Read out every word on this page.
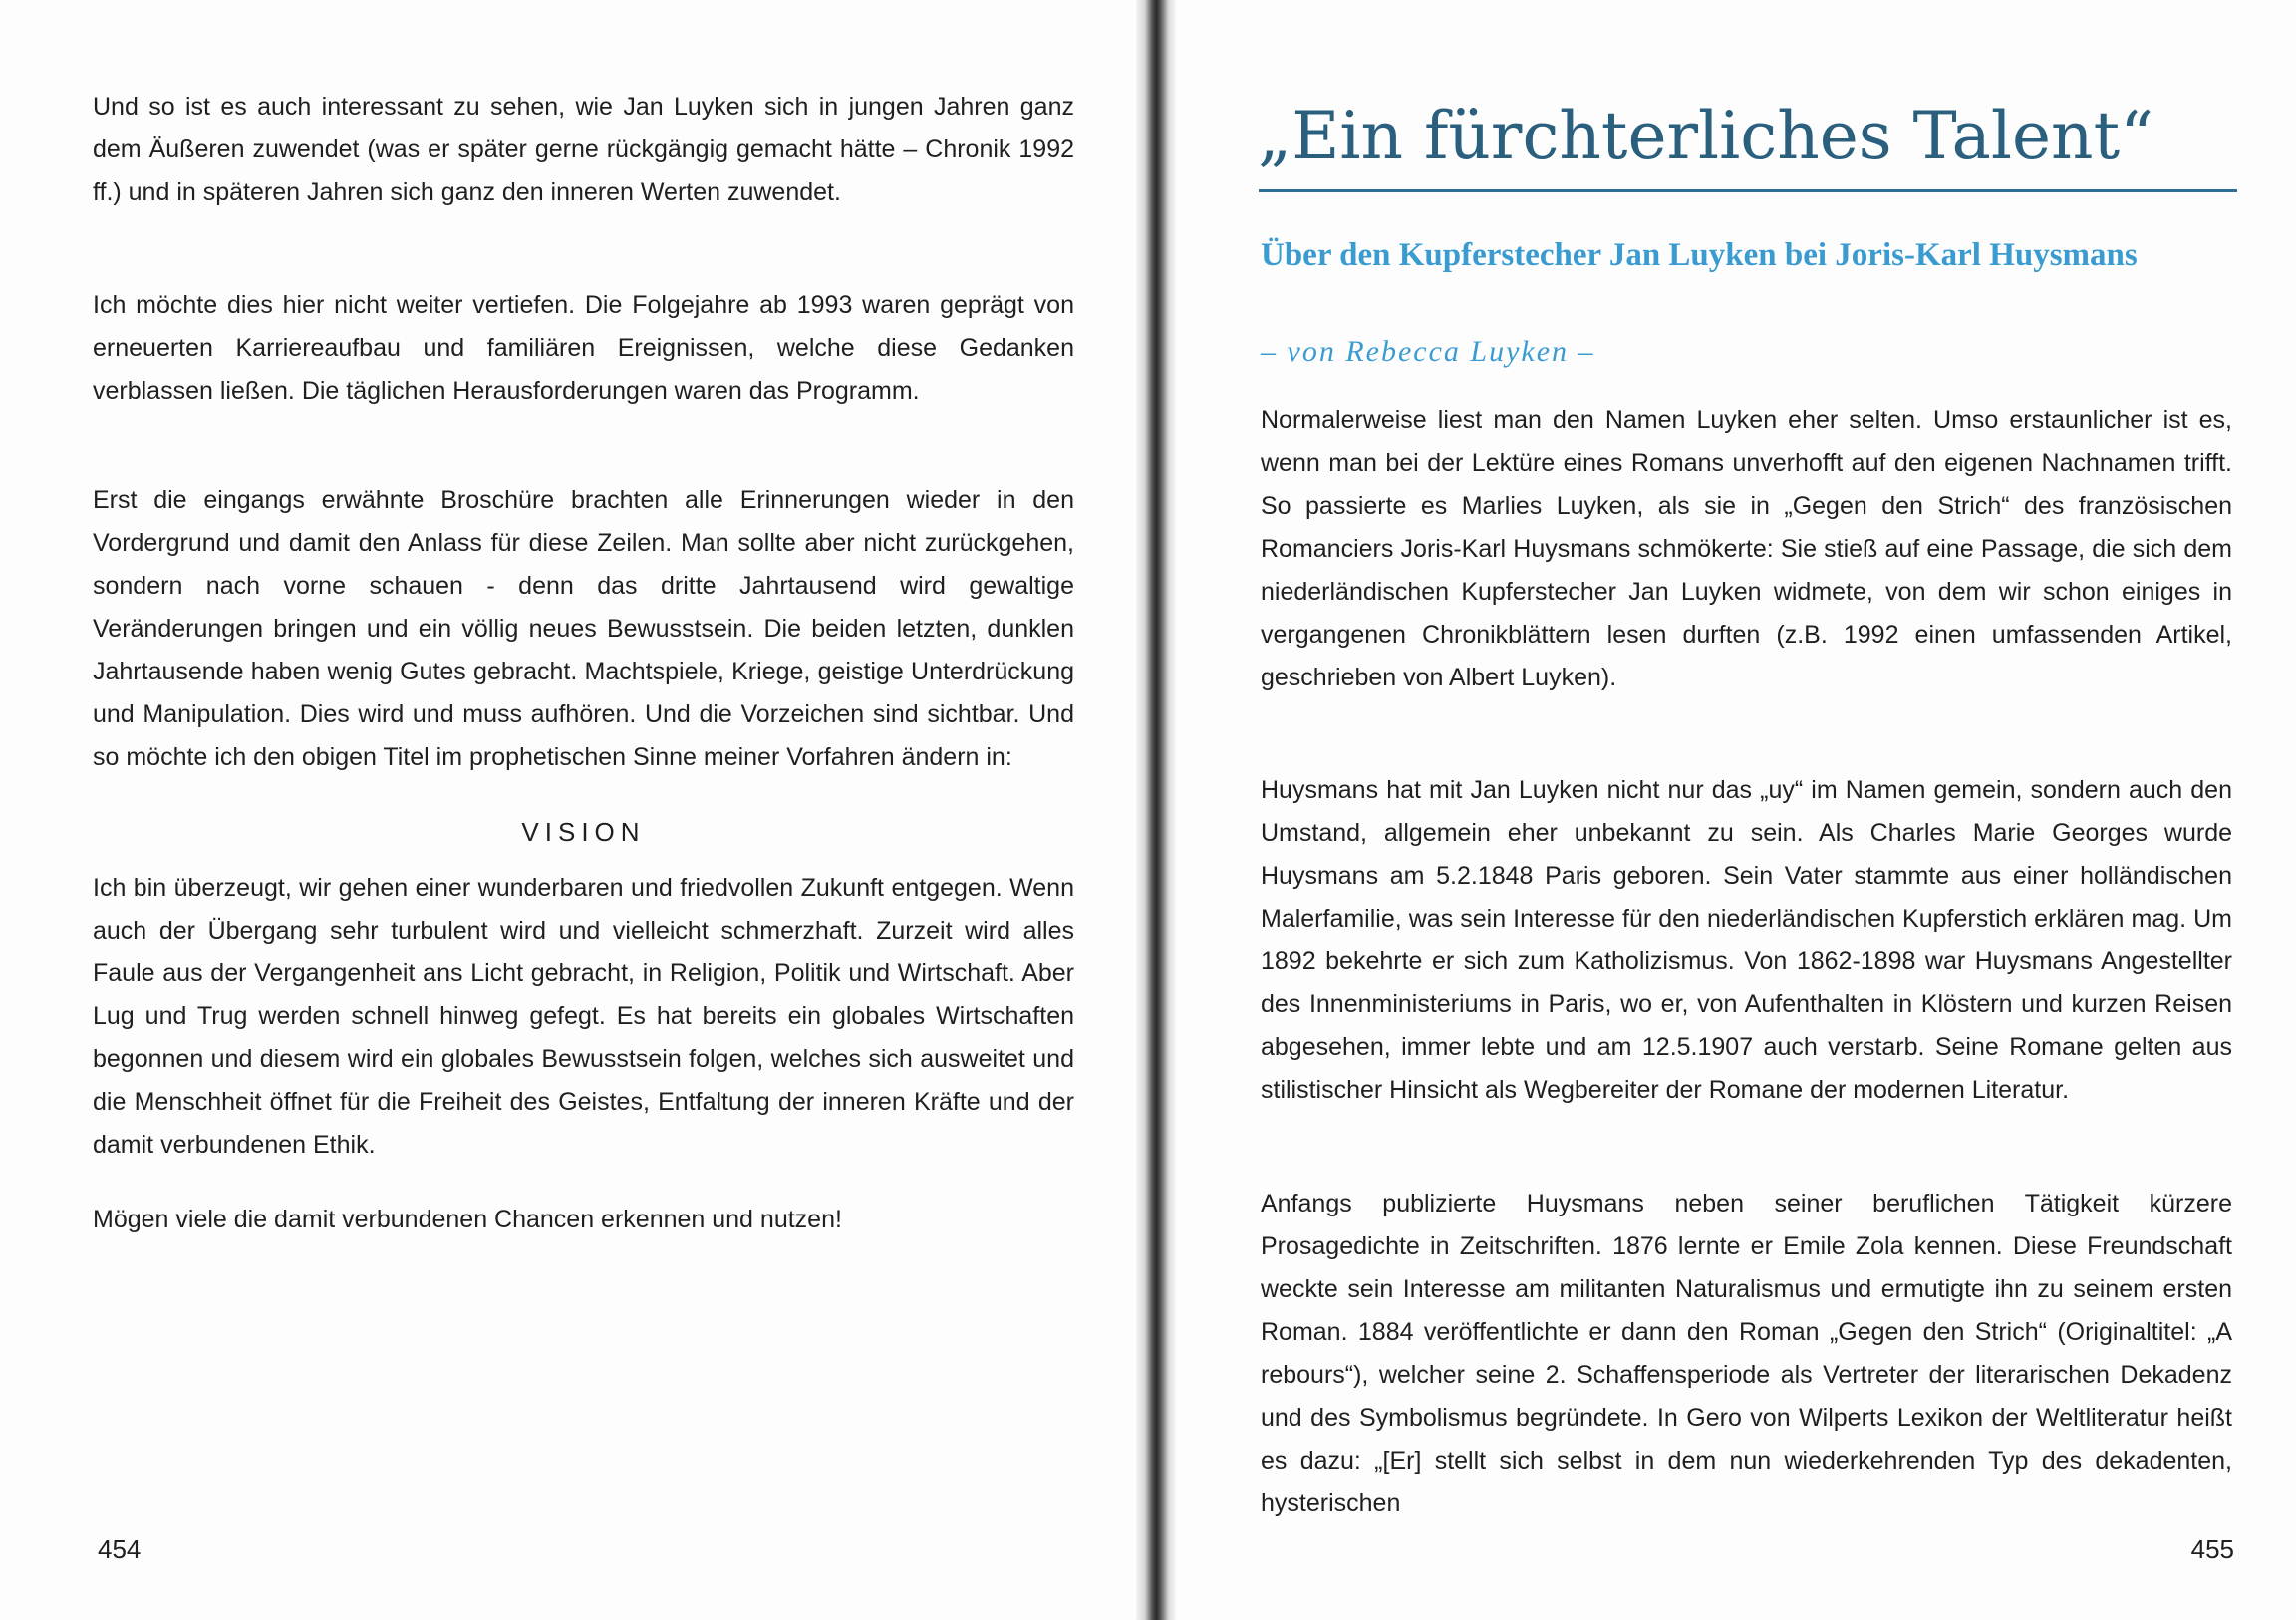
Und so ist es auch interessant zu sehen, wie Jan Luyken sich in jungen Jahren ganz dem Äußeren zuwendet (was er später gerne rückgängig gemacht hätte – Chronik 1992 ff.) und in späteren Jahren sich ganz den inneren Werten zuwendet.

Ich möchte dies hier nicht weiter vertiefen. Die Folgejahre ab 1993 waren geprägt von erneuerten Karriereaufbau und familiären Ereignissen, welche diese Gedanken verblassen ließen. Die täglichen Herausforderungen waren das Programm.

Erst die eingangs erwähnte Broschüre brachten alle Erinnerungen wieder in den Vordergrund und damit den Anlass für diese Zeilen. Man sollte aber nicht zurückgehen, sondern nach vorne schauen - denn das dritte Jahrtausend wird gewaltige Veränderungen bringen und ein völlig neues Bewusstsein. Die beiden letzten, dunklen Jahrtausende haben wenig Gutes gebracht. Machtspiele, Kriege, geistige Unterdrückung und Manipulation. Dies wird und muss aufhören. Und die Vorzeichen sind sichtbar. Und so möchte ich den obigen Titel im prophetischen Sinne meiner Vorfahren ändern in:

VISION

Ich bin überzeugt, wir gehen einer wunderbaren und friedvollen Zukunft entgegen. Wenn auch der Übergang sehr turbulent wird und vielleicht schmerzhaft. Zurzeit wird alles Faule aus der Vergangenheit ans Licht gebracht, in Religion, Politik und Wirtschaft. Aber Lug und Trug werden schnell hinweg gefegt. Es hat bereits ein globales Wirtschaften begonnen und diesem wird ein globales Bewusstsein folgen, welches sich ausweitet und die Menschheit öffnet für die Freiheit des Geistes, Entfaltung der inneren Kräfte und der damit verbundenen Ethik.

Mögen viele die damit verbundenen Chancen erkennen und nutzen!

454
„Ein fürchterliches Talent“
Über den Kupferstecher Jan Luyken bei Joris-Karl Huysmans

– von Rebecca Luyken –

Normalerweise liest man den Namen Luyken eher selten. Umso erstaunlicher ist es, wenn man bei der Lektüre eines Romans unverhofft auf den eigenen Nachnamen trifft. So passierte es Marlies Luyken, als sie in „Gegen den Strich“ des französischen Romanciers Joris-Karl Huysmans schmökerte: Sie stieß auf eine Passage, die sich dem niederländischen Kupferstecher Jan Luyken widmete, von dem wir schon einiges in vergangenen Chronikblättern lesen durften (z.B. 1992 einen umfassenden Artikel, geschrieben von Albert Luyken).

Huysmans hat mit Jan Luyken nicht nur das „uy“ im Namen gemein, sondern auch den Umstand, allgemein eher unbekannt zu sein. Als Charles Marie Georges wurde Huysmans am 5.2.1848 Paris geboren. Sein Vater stammte aus einer holländischen Malerfamilie, was sein Interesse für den niederländischen Kupferstich erklären mag. Um 1892 bekehrte er sich zum Katholizismus. Von 1862-1898 war Huysmans Angestellter des Innenministeriums in Paris, wo er, von Aufenthalten in Klöstern und kurzen Reisen abgesehen, immer lebte und am 12.5.1907 auch verstarb. Seine Romane gelten aus stilistischer Hinsicht als Wegbereiter der Romane der modernen Literatur.

Anfangs publizierte Huysmans neben seiner beruflichen Tätigkeit kürzere Prosagedichte in Zeitschriften. 1876 lernte er Emile Zola kennen. Diese Freundschaft weckte sein Interesse am militanten Naturalismus und ermutigte ihn zu seinem ersten Roman. 1884 veröffentlichte er dann den Roman „Gegen den Strich“ (Originaltitel: „A rebours“), welcher seine 2. Schaffensperiode als Vertreter der literarischen Dekadenz und des Symbolismus begründete. In Gero von Wilperts Lexikon der Weltliteratur heißt es dazu: „[Er] stellt sich selbst in dem nun wiederkehrenden Typ des dekadenten, hysterischen

455
